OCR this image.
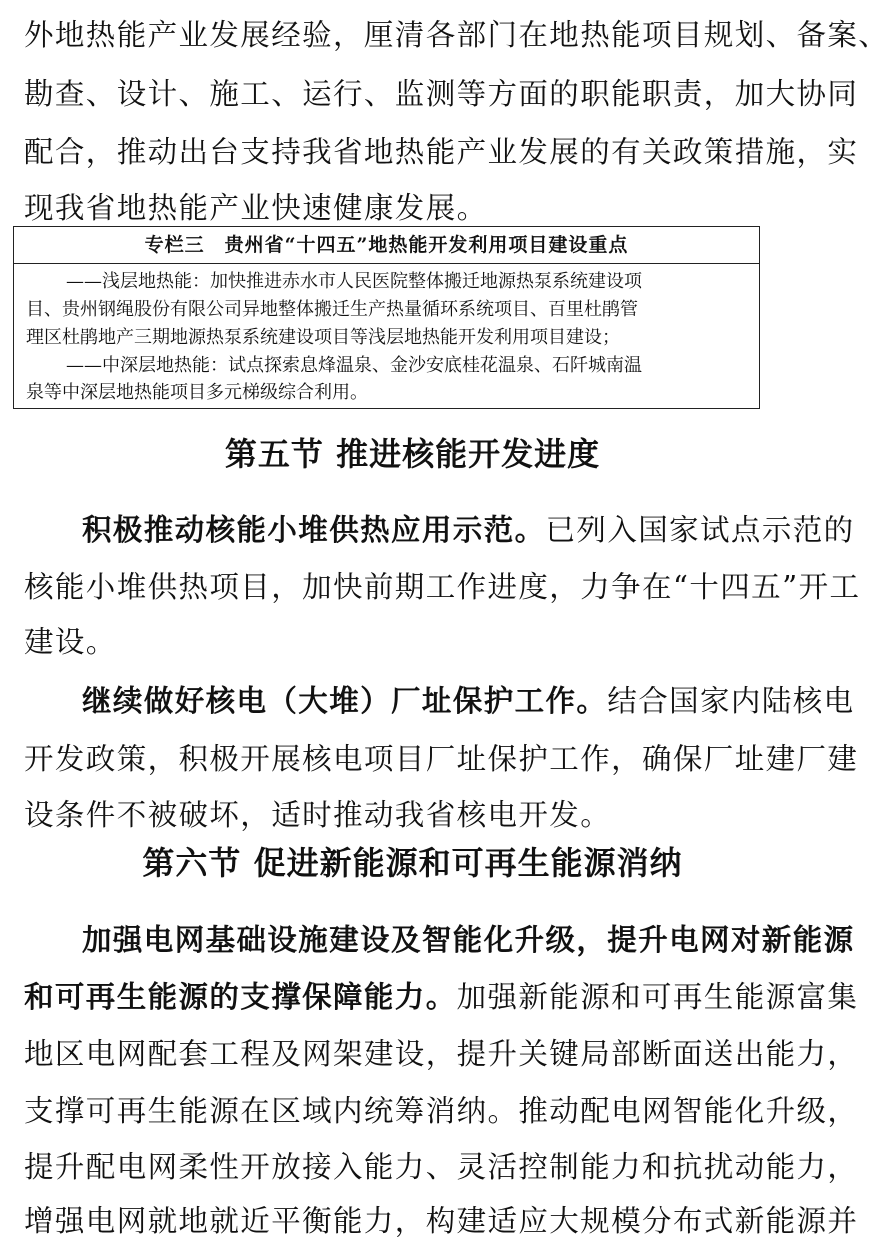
外地热能产业发展经验，厘清各部门在地热能项目规划、备案、
勘查、设计、施工、运行、监测等方面的职能职责，加大协同
配合，推动出台支持我省地热能产业发展的有关政策措施，实
现我省地热能产业快速健康发展。
专栏三　贵州省“十四五”地热能开发利用项目建设重点
——浅层地热能：加快推进赤水市人民医院整体搬迁地源热泵系统建设项
目、贵州钢绳股份有限公司异地整体搬迁生产热量循环系统项目、百里杜鹃管
理区杜鹃地产三期地源热泵系统建设项目等浅层地热能开发利用项目建设；
——中深层地热能：试点探索息烽温泉、金沙安底桂花温泉、石阡城南温
泉等中深层地热能项目多元梯级综合利用。
第五节 推进核能开发进度
积极推动核能小堆供热应用示范。已列入国家试点示范的
核能小堆供热项目，加快前期工作进度，力争在“十四五”开工
建设。
继续做好核电（大堆）厂址保护工作。结合国家内陆核电
开发政策，积极开展核电项目厂址保护工作，确保厂址建厂建
设条件不被破坏，适时推动我省核电开发。
第六节 促进新能源和可再生能源消纳
加强电网基础设施建设及智能化升级，提升电网对新能源
和可再生能源的支撑保障能力。加强新能源和可再生能源富集
地区电网配套工程及网架建设，提升关键局部断面送出能力，
支撑可再生能源在区域内统筹消纳。推动配电网智能化升级，
提升配电网柔性开放接入能力、灵活控制能力和抗扰动能力，
增强电网就地就近平衡能力，构建适应大规模分布式新能源并
